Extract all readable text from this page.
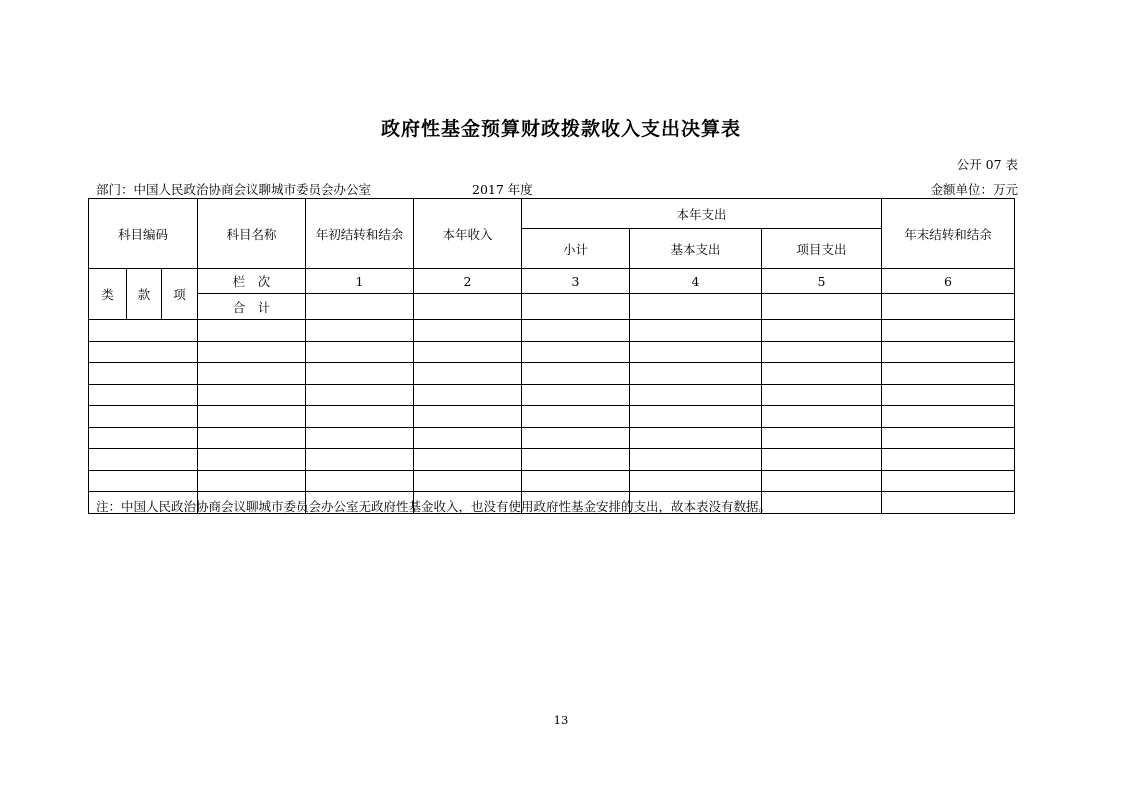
政府性基金预算财政拨款收入支出决算表
公开 07 表
部门：中国人民政治协商会议聊城市委员会办公室	2017 年度	金额单位：万元
科目编码			科目名称	年初结转和结余	本年收入	本年支出			年末结转和结余
						小计	基本支出	项目支出	
类	款	项	栏　次	1	2	3	4	5	6
			合　计						

注：中国人民政治协商会议聊城市委员会办公室无政府性基金收入，也没有使用政府性基金安排的支出，故本表没有数据。
13
